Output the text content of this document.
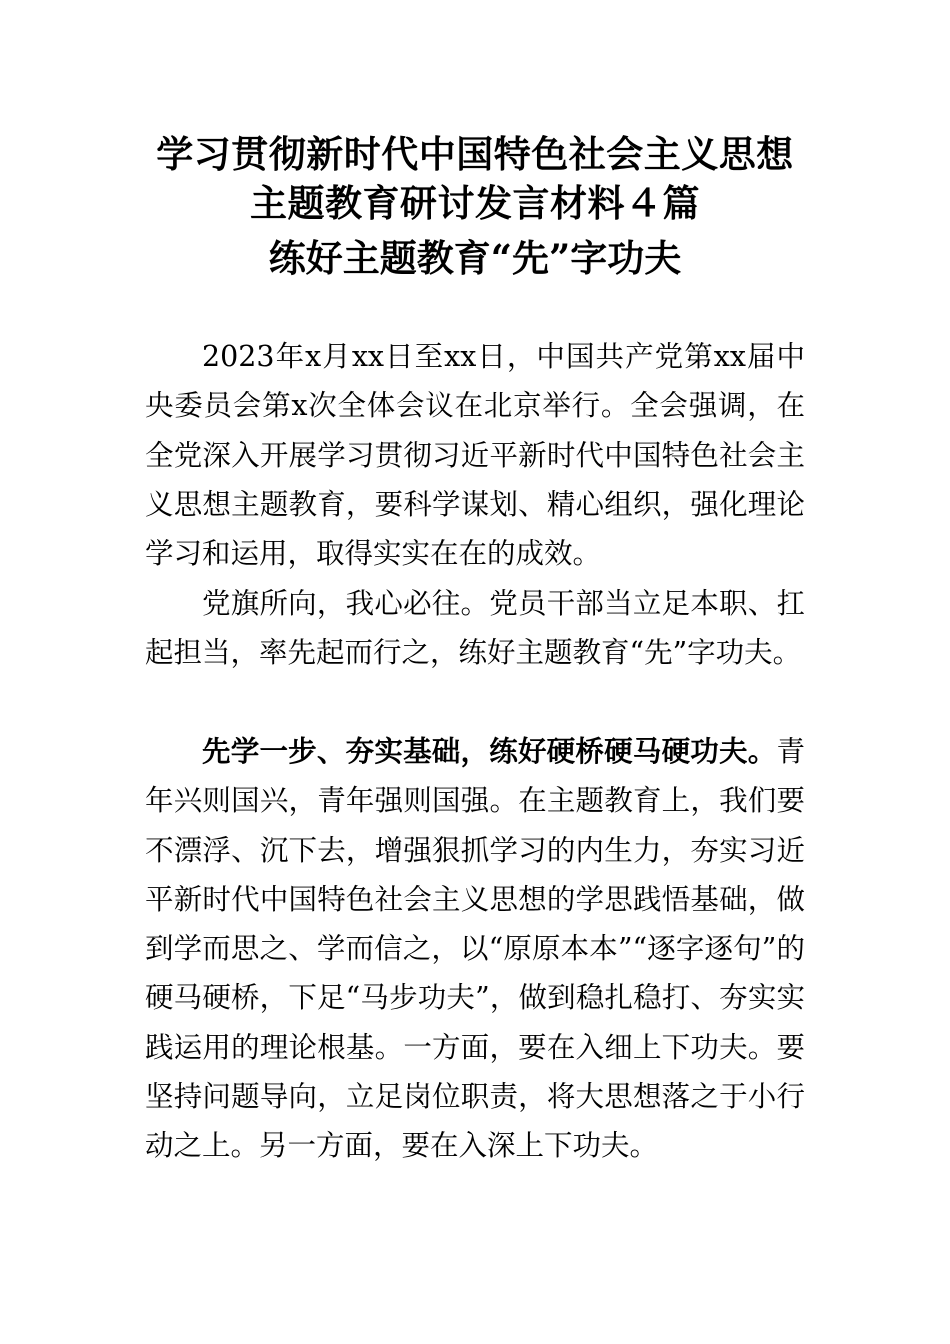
学习贯彻新时代中国特色社会主义思想
主题教育研讨发言材料４篇
练好主题教育“先”字功夫

2023年x月xx日至xx日，中国共产党第xx届中央委员会第x次全体会议在北京举行。全会强调，在全党深入开展学习贯彻习近平新时代中国特色社会主义思想主题教育，要科学谋划、精心组织，强化理论学习和运用，取得实实在在的成效。

党旗所向，我心必往。党员干部当立足本职、扛起担当，率先起而行之，练好主题教育“先”字功夫。

先学一步、夯实基础，练好硬桥硬马硬功夫。青年兴则国兴，青年强则国强。在主题教育上，我们要不漂浮、沉下去，增强狠抓学习的内生力，夯实习近平新时代中国特色社会主义思想的学思践悟基础，做到学而思之、学而信之，以“原原本本”“逐字逐句”的硬马硬桥，下足“马步功夫”，做到稳扎稳打、夯实实践运用的理论根基。一方面，要在入细上下功夫。要坚持问题导向，立足岗位职责，将大思想落之于小行动之上。另一方面，要在入深上下功夫。
